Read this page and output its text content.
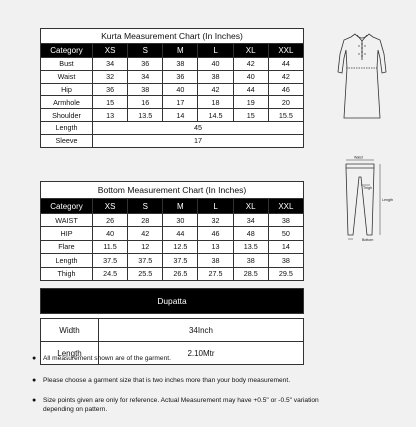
Kurta Measurement Chart (In Inches)						
Category	XS	S	M	L	XL	XXL
Bust	34	36	38	40	42	44
Waist	32	34	36	38	40	42
Hip	36	38	40	42	44	46
Armhole	15	16	17	18	19	20
Shoulder	13	13.5	14	14.5	15	15.5
Length	45					
Sleeve	17					
Bottom Measurement Chart (In Inches)						
Category	XS	S	M	L	XL	XXL
WAIST	26	28	30	32	34	38
HIP	40	42	44	46	48	50
Flare	11.5	12	12.5	13	13.5	14
Length	37.5	37.5	37.5	38	38	38
Thigh	24.5	25.5	26.5	27.5	28.5	29.5
Dupatta	

Width	34Inch
Length	2.10Mtr
● All measurement shown are of the garment.
● Please choose a garment size that is two inches more than your body measurement.
● Size points given are only for reference. Actual Measurement may have +0.5" or -0.5" variation depending on pattern.
Waist
Thigh
Length
Bottom
